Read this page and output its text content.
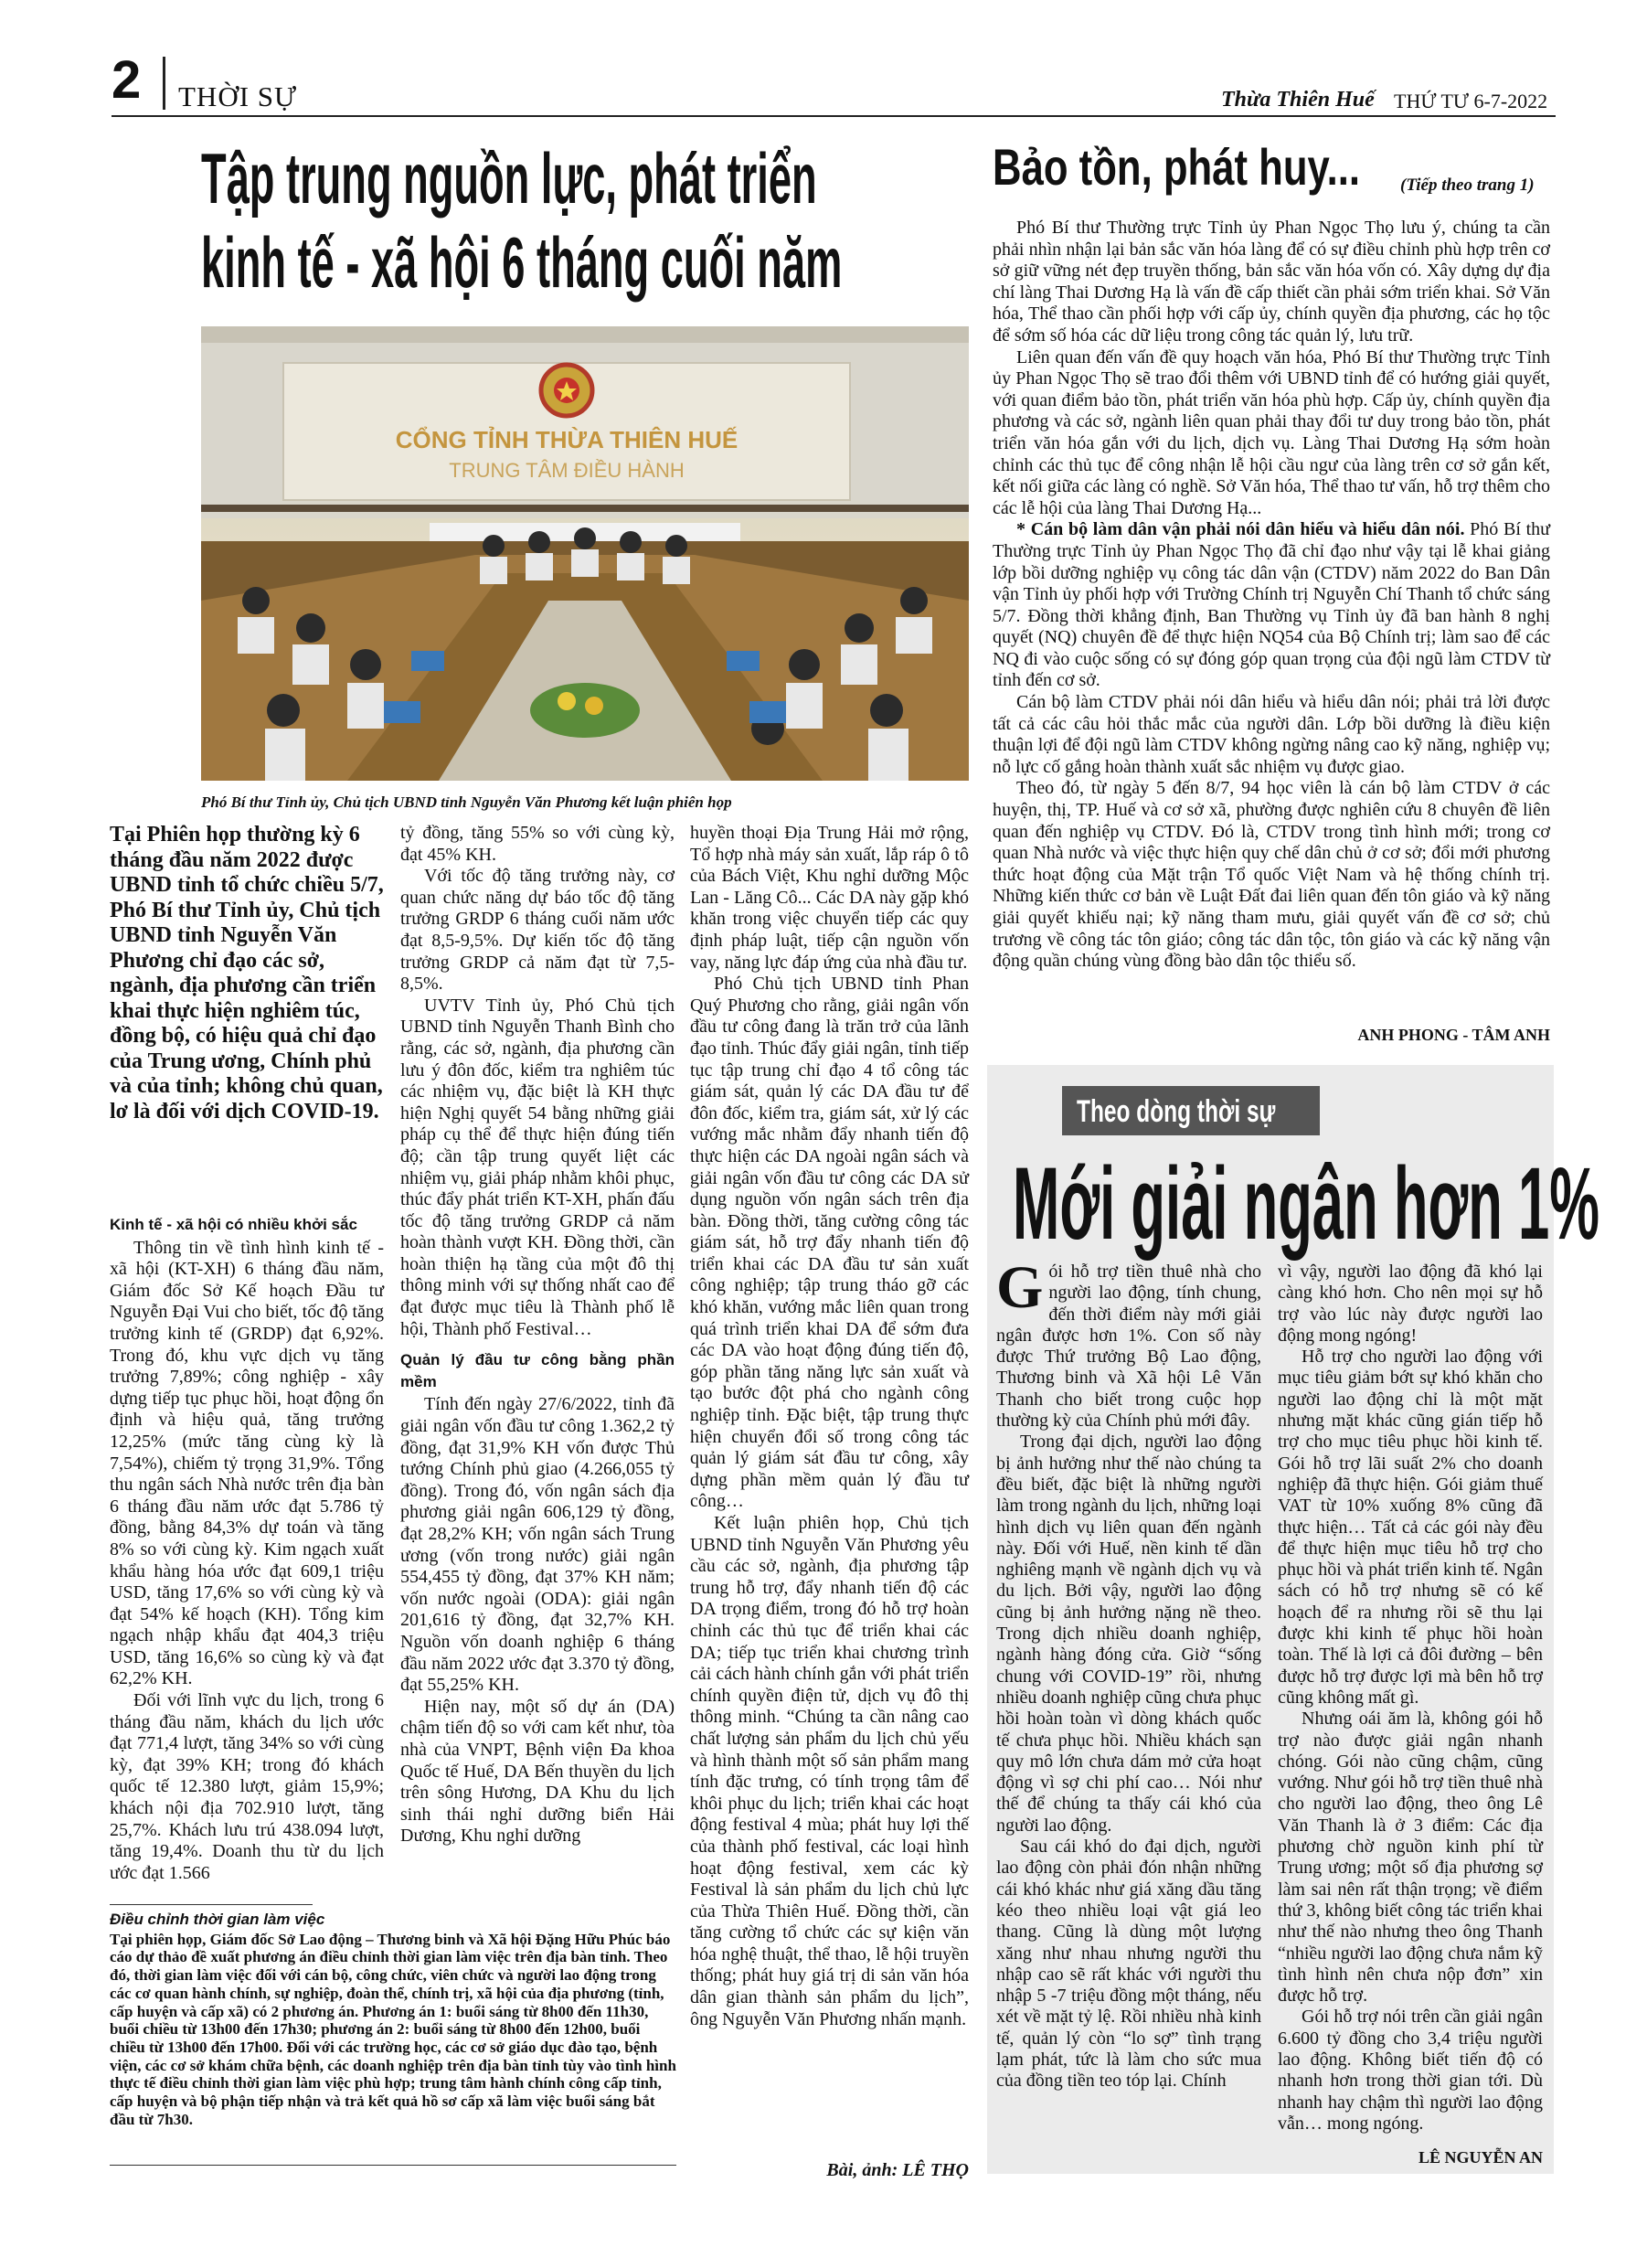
2 THỜI SỰ	Thừa Thiên Huế THỨ TƯ 6-7-2022
Tập trung nguồn lực, phát triển
kinh tế - xã hội 6 tháng cuối năm
CỔNG TỈNH THỪA THIÊN HUẾ
TRUNG TÂM ĐIỀU HÀNH
Phó Bí thư Tỉnh ủy, Chủ tịch UBND tỉnh Nguyễn Văn Phương kết luận phiên họp
Tại Phiên họp thường kỳ 6 tháng đầu năm 2022 được UBND tỉnh tổ chức chiều 5/7, Phó Bí thư Tỉnh ủy, Chủ tịch UBND tỉnh Nguyễn Văn Phương chỉ đạo các sở, ngành, địa phương cần triển khai thực hiện nghiêm túc, đồng bộ, có hiệu quả chỉ đạo của Trung ương, Chính phủ và của tỉnh; không chủ quan, lơ là đối với dịch COVID-19.
Kinh tế - xã hội có nhiều khởi sắc

Thông tin về tình hình kinh tế - xã hội (KT-XH) 6 tháng đầu năm, Giám đốc Sở Kế hoạch Đầu tư Nguyễn Đại Vui cho biết, tốc độ tăng trưởng kinh tế (GRDP) đạt 6,92%. Trong đó, khu vực dịch vụ tăng trưởng 7,89%; công nghiệp - xây dựng tiếp tục phục hồi, hoạt động ổn định và hiệu quả, tăng trưởng 12,25% (mức tăng cùng kỳ là 7,54%), chiếm tỷ trọng 31,9%. Tổng thu ngân sách Nhà nước trên địa bàn 6 tháng đầu năm ước đạt 5.786 tỷ đồng, bằng 84,3% dự toán và tăng 8% so với cùng kỳ. Kim ngạch xuất khẩu hàng hóa ước đạt 609,1 triệu USD, tăng 17,6% so với cùng kỳ và đạt 54% kế hoạch (KH). Tổng kim ngạch nhập khẩu đạt 404,3 triệu USD, tăng 16,6% so cùng kỳ và đạt 62,2% KH.

Đối với lĩnh vực du lịch, trong 6 tháng đầu năm, khách du lịch ước đạt 771,4 lượt, tăng 34% so với cùng kỳ, đạt 39% KH; trong đó khách quốc tế 12.380 lượt, giảm 15,9%; khách nội địa 702.910 lượt, tăng 25,7%. Khách lưu trú 438.094 lượt, tăng 19,4%. Doanh thu từ du lịch ước đạt 1.566

tỷ đồng, tăng 55% so với cùng kỳ, đạt 45% KH.

Với tốc độ tăng trưởng này, cơ quan chức năng dự báo tốc độ tăng trưởng GRDP 6 tháng cuối năm ước đạt 8,5-9,5%. Dự kiến tốc độ tăng trưởng GRDP cả năm đạt từ 7,5-8,5%.

UVTV Tỉnh ủy, Phó Chủ tịch UBND tỉnh Nguyễn Thanh Bình cho rằng, các sở, ngành, địa phương cần lưu ý đôn đốc, kiểm tra nghiêm túc các nhiệm vụ, đặc biệt là KH thực hiện Nghị quyết 54 bằng những giải pháp cụ thể để thực hiện đúng tiến độ; cần tập trung quyết liệt các nhiệm vụ, giải pháp nhằm khôi phục, thúc đẩy phát triển KT-XH, phấn đấu tốc độ tăng trưởng GRDP cả năm hoàn thành vượt KH. Đồng thời, cần hoàn thiện hạ tầng của một đô thị thông minh với sự thống nhất cao để đạt được mục tiêu là Thành phố lễ hội, Thành phố Festival…

Quản lý đầu tư công bằng phần mềm

Tính đến ngày 27/6/2022, tỉnh đã giải ngân vốn đầu tư công 1.362,2 tỷ đồng, đạt 31,9% KH vốn được Thủ tướng Chính phủ giao (4.266,055 tỷ đồng). Trong đó, vốn ngân sách địa phương giải ngân 606,129 tỷ đồng, đạt 28,2% KH; vốn ngân sách Trung ương (vốn trong nước) giải ngân 554,455 tỷ đồng, đạt 37% KH năm; vốn nước ngoài (ODA): giải ngân 201,616 tỷ đồng, đạt 32,7% KH. Nguồn vốn doanh nghiệp 6 tháng đầu năm 2022 ước đạt 3.370 tỷ đồng, đạt 55,25% KH.

Hiện nay, một số dự án (DA) chậm tiến độ so với cam kết như, tòa nhà của VNPT, Bệnh viện Đa khoa Quốc tế Huế, DA Bến thuyền du lịch trên sông Hương, DA Khu du lịch sinh thái nghỉ dưỡng biển Hải Dương, Khu nghỉ dưỡng

huyền thoại Địa Trung Hải mở rộng, Tổ hợp nhà máy sản xuất, lắp ráp ô tô của Bách Việt, Khu nghỉ dưỡng Mộc Lan - Lăng Cô... Các DA này gặp khó khăn trong việc chuyển tiếp các quy định pháp luật, tiếp cận nguồn vốn vay, năng lực đáp ứng của nhà đầu tư.

Phó Chủ tịch UBND tỉnh Phan Quý Phương cho rằng, giải ngân vốn đầu tư công đang là trăn trở của lãnh đạo tỉnh. Thúc đẩy giải ngân, tỉnh tiếp tục tập trung chỉ đạo 4 tổ công tác giám sát, quản lý các DA đầu tư để đôn đốc, kiểm tra, giám sát, xử lý các vướng mắc nhằm đẩy nhanh tiến độ thực hiện các DA ngoài ngân sách và giải ngân vốn đầu tư công các DA sử dụng nguồn vốn ngân sách trên địa bàn. Đồng thời, tăng cường công tác giám sát, hỗ trợ đẩy nhanh tiến độ triển khai các DA đầu tư sản xuất công nghiệp; tập trung tháo gỡ các khó khăn, vướng mắc liên quan trong quá trình triển khai DA để sớm đưa các DA vào hoạt động đúng tiến độ, góp phần tăng năng lực sản xuất và tạo bước đột phá cho ngành công nghiệp tỉnh. Đặc biệt, tập trung thực hiện chuyển đổi số trong công tác quản lý giám sát đầu tư công, xây dựng phần mềm quản lý đầu tư công…

Kết luận phiên họp, Chủ tịch UBND tỉnh Nguyễn Văn Phương yêu cầu các sở, ngành, địa phương tập trung hỗ trợ, đẩy nhanh tiến độ các DA trọng điểm, trong đó hỗ trợ hoàn chỉnh các thủ tục để triển khai các DA; tiếp tục triển khai chương trình cải cách hành chính gắn với phát triển chính quyền điện tử, dịch vụ đô thị thông minh. “Chúng ta cần nâng cao chất lượng sản phẩm du lịch chủ yếu và hình thành một số sản phẩm mang tính đặc trưng, có tính trọng tâm để khôi phục du lịch; triển khai các hoạt động festival 4 mùa; phát huy lợi thế của thành phố festival, các loại hình hoạt động festival, xem các kỳ Festival là sản phẩm du lịch chủ lực của Thừa Thiên Huế. Đồng thời, cần tăng cường tổ chức các sự kiện văn hóa nghệ thuật, thể thao, lễ hội truyền thống; phát huy giá trị di sản văn hóa dân gian thành sản phẩm du lịch”, ông Nguyễn Văn Phương nhấn mạnh.

Bài, ảnh: LÊ THỌ
Điều chỉnh thời gian làm việc
Tại phiên họp, Giám đốc Sở Lao động – Thương binh và Xã hội Đặng Hữu Phúc báo cáo dự thảo đề xuất phương án điều chỉnh thời gian làm việc trên địa bàn tỉnh. Theo đó, thời gian làm việc đối với cán bộ, công chức, viên chức và người lao động trong các cơ quan hành chính, sự nghiệp, đoàn thể, chính trị, xã hội của địa phương (tỉnh, cấp huyện và cấp xã) có 2 phương án. Phương án 1: buổi sáng từ 8h00 đến 11h30, buổi chiều từ 13h00 đến 17h30; phương án 2: buổi sáng từ 8h00 đến 12h00, buổi chiều từ 13h00 đến 17h00. Đối với các trường học, các cơ sở giáo dục đào tạo, bệnh viện, các cơ sở khám chữa bệnh, các doanh nghiệp trên địa bàn tỉnh tùy vào tình hình thực tế điều chỉnh thời gian làm việc phù hợp; trung tâm hành chính công cấp tỉnh, cấp huyện và bộ phận tiếp nhận và trả kết quả hồ sơ cấp xã làm việc buổi sáng bắt đầu từ 7h30.
Bảo tồn, phát huy... (Tiếp theo trang 1)

Phó Bí thư Thường trực Tỉnh ủy Phan Ngọc Thọ lưu ý, chúng ta cần phải nhìn nhận lại bản sắc văn hóa làng để có sự điều chỉnh phù hợp trên cơ sở giữ vững nét đẹp truyền thống, bản sắc văn hóa vốn có. Xây dựng dự địa chí làng Thai Dương Hạ là vấn đề cấp thiết cần phải sớm triển khai. Sở Văn hóa, Thể thao cần phối hợp với cấp ủy, chính quyền địa phương, các họ tộc để sớm số hóa các dữ liệu trong công tác quản lý, lưu trữ.

Liên quan đến vấn đề quy hoạch văn hóa, Phó Bí thư Thường trực Tỉnh ủy Phan Ngọc Thọ sẽ trao đổi thêm với UBND tỉnh để có hướng giải quyết, với quan điểm bảo tồn, phát triển văn hóa phù hợp. Cấp ủy, chính quyền địa phương và các sở, ngành liên quan phải thay đổi tư duy trong bảo tồn, phát triển văn hóa gắn với du lịch, dịch vụ. Làng Thai Dương Hạ sớm hoàn chỉnh các thủ tục để công nhận lễ hội cầu ngư của làng trên cơ sở gắn kết, kết nối giữa các làng có nghề. Sở Văn hóa, Thể thao tư vấn, hỗ trợ thêm cho các lễ hội của làng Thai Dương Hạ...

* Cán bộ làm dân vận phải nói dân hiểu và hiểu dân nói. Phó Bí thư Thường trực Tỉnh ủy Phan Ngọc Thọ đã chỉ đạo như vậy tại lễ khai giảng lớp bồi dưỡng nghiệp vụ công tác dân vận (CTDV) năm 2022 do Ban Dân vận Tỉnh ủy phối hợp với Trường Chính trị Nguyễn Chí Thanh tổ chức sáng 5/7. Đồng thời khẳng định, Ban Thường vụ Tỉnh ủy đã ban hành 8 nghị quyết (NQ) chuyên đề để thực hiện NQ54 của Bộ Chính trị; làm sao để các NQ đi vào cuộc sống có sự đóng góp quan trọng của đội ngũ làm CTDV từ tỉnh đến cơ sở.

Cán bộ làm CTDV phải nói dân hiểu và hiểu dân nói; phải trả lời được tất cả các câu hỏi thắc mắc của người dân. Lớp bồi dưỡng là điều kiện thuận lợi để đội ngũ làm CTDV không ngừng nâng cao kỹ năng, nghiệp vụ; nỗ lực cố gắng hoàn thành xuất sắc nhiệm vụ được giao.

Theo đó, từ ngày 5 đến 8/7, 94 học viên là cán bộ làm CTDV ở các huyện, thị, TP. Huế và cơ sở xã, phường được nghiên cứu 8 chuyên đề liên quan đến nghiệp vụ CTDV. Đó là, CTDV trong tình hình mới; trong cơ quan Nhà nước và việc thực hiện quy chế dân chủ ở cơ sở; đổi mới phương thức hoạt động của Mặt trận Tổ quốc Việt Nam và hệ thống chính trị. Những kiến thức cơ bản về Luật Đất đai liên quan đến tôn giáo và kỹ năng giải quyết khiếu nại; kỹ năng tham mưu, giải quyết vấn đề cơ sở; chủ trương về công tác tôn giáo; công tác dân tộc, tôn giáo và các kỹ năng vận động quần chúng vùng đồng bào dân tộc thiểu số.

ANH PHONG - TÂM ANH
Theo dòng thời sự
Mới giải ngân hơn 1%

Gói hỗ trợ tiền thuê nhà cho người lao động, tính chung, đến thời điểm này mới giải ngân được hơn 1%. Con số này được Thứ trưởng Bộ Lao động, Thương binh và Xã hội Lê Văn Thanh cho biết trong cuộc họp thường kỳ của Chính phủ mới đây.

Trong đại dịch, người lao động bị ảnh hưởng như thế nào chúng ta đều biết, đặc biệt là những người làm trong ngành du lịch, những loại hình dịch vụ liên quan đến ngành này. Đối với Huế, nền kinh tế dần nghiêng mạnh về ngành dịch vụ và du lịch. Bởi vậy, người lao động cũng bị ảnh hưởng nặng nề theo. Trong dịch nhiều doanh nghiệp, ngành hàng đóng cửa. Giờ “sống chung với COVID-19” rồi, nhưng nhiều doanh nghiệp cũng chưa phục hồi hoàn toàn vì dòng khách quốc tế chưa phục hồi. Nhiều khách sạn quy mô lớn chưa dám mở cửa hoạt động vì sợ chi phí cao… Nói như thế để chúng ta thấy cái khó của người lao động.

Sau cái khó do đại dịch, người lao động còn phải đón nhận những cái khó khác như giá xăng dầu tăng kéo theo nhiều loại vật giá leo thang. Cũng là dùng một lượng xăng như nhau nhưng người thu nhập cao sẽ rất khác với người thu nhập 5 -7 triệu đồng một tháng, nếu xét về mặt tỷ lệ. Rồi nhiều nhà kinh tế, quản lý còn “lo sợ” tình trạng lạm phát, tức là làm cho sức mua của đồng tiền teo tóp lại. Chính

vì vậy, người lao động đã khó lại càng khó hơn. Cho nên mọi sự hỗ trợ vào lúc này được người lao động mong ngóng!

Hỗ trợ cho người lao động với mục tiêu giảm bớt sự khó khăn cho người lao động chỉ là một mặt nhưng mặt khác cũng gián tiếp hỗ trợ cho mục tiêu phục hồi kinh tế. Gói hỗ trợ lãi suất 2% cho doanh nghiệp đã thực hiện. Gói giảm thuế VAT từ 10% xuống 8% cũng đã thực hiện… Tất cả các gói này đều để thực hiện mục tiêu hỗ trợ cho phục hồi và phát triển kinh tế. Ngân sách có hỗ trợ nhưng sẽ có kế hoạch để ra nhưng rồi sẽ thu lại được khi kinh tế phục hồi hoàn toàn. Thế là lợi cả đôi đường – bên được hỗ trợ được lợi mà bên hỗ trợ cũng không mất gì.

Nhưng oái ăm là, không gói hỗ trợ nào được giải ngân nhanh chóng. Gói nào cũng chậm, cũng vướng. Như gói hỗ trợ tiền thuê nhà cho người lao động, theo ông Lê Văn Thanh là ở 3 điểm: Các địa phương chờ nguồn kinh phí từ Trung ương; một số địa phương sợ làm sai nên rất thận trọng; về điểm thứ 3, không biết công tác triển khai như thế nào nhưng theo ông Thanh “nhiều người lao động chưa nắm kỹ tình hình nên chưa nộp đơn” xin được hỗ trợ.

Gói hỗ trợ nói trên cần giải ngân 6.600 tỷ đồng cho 3,4 triệu người lao động. Không biết tiến độ có nhanh hơn trong thời gian tới. Dù nhanh hay chậm thì người lao động vẫn… mong ngóng.

LÊ NGUYỄN AN
